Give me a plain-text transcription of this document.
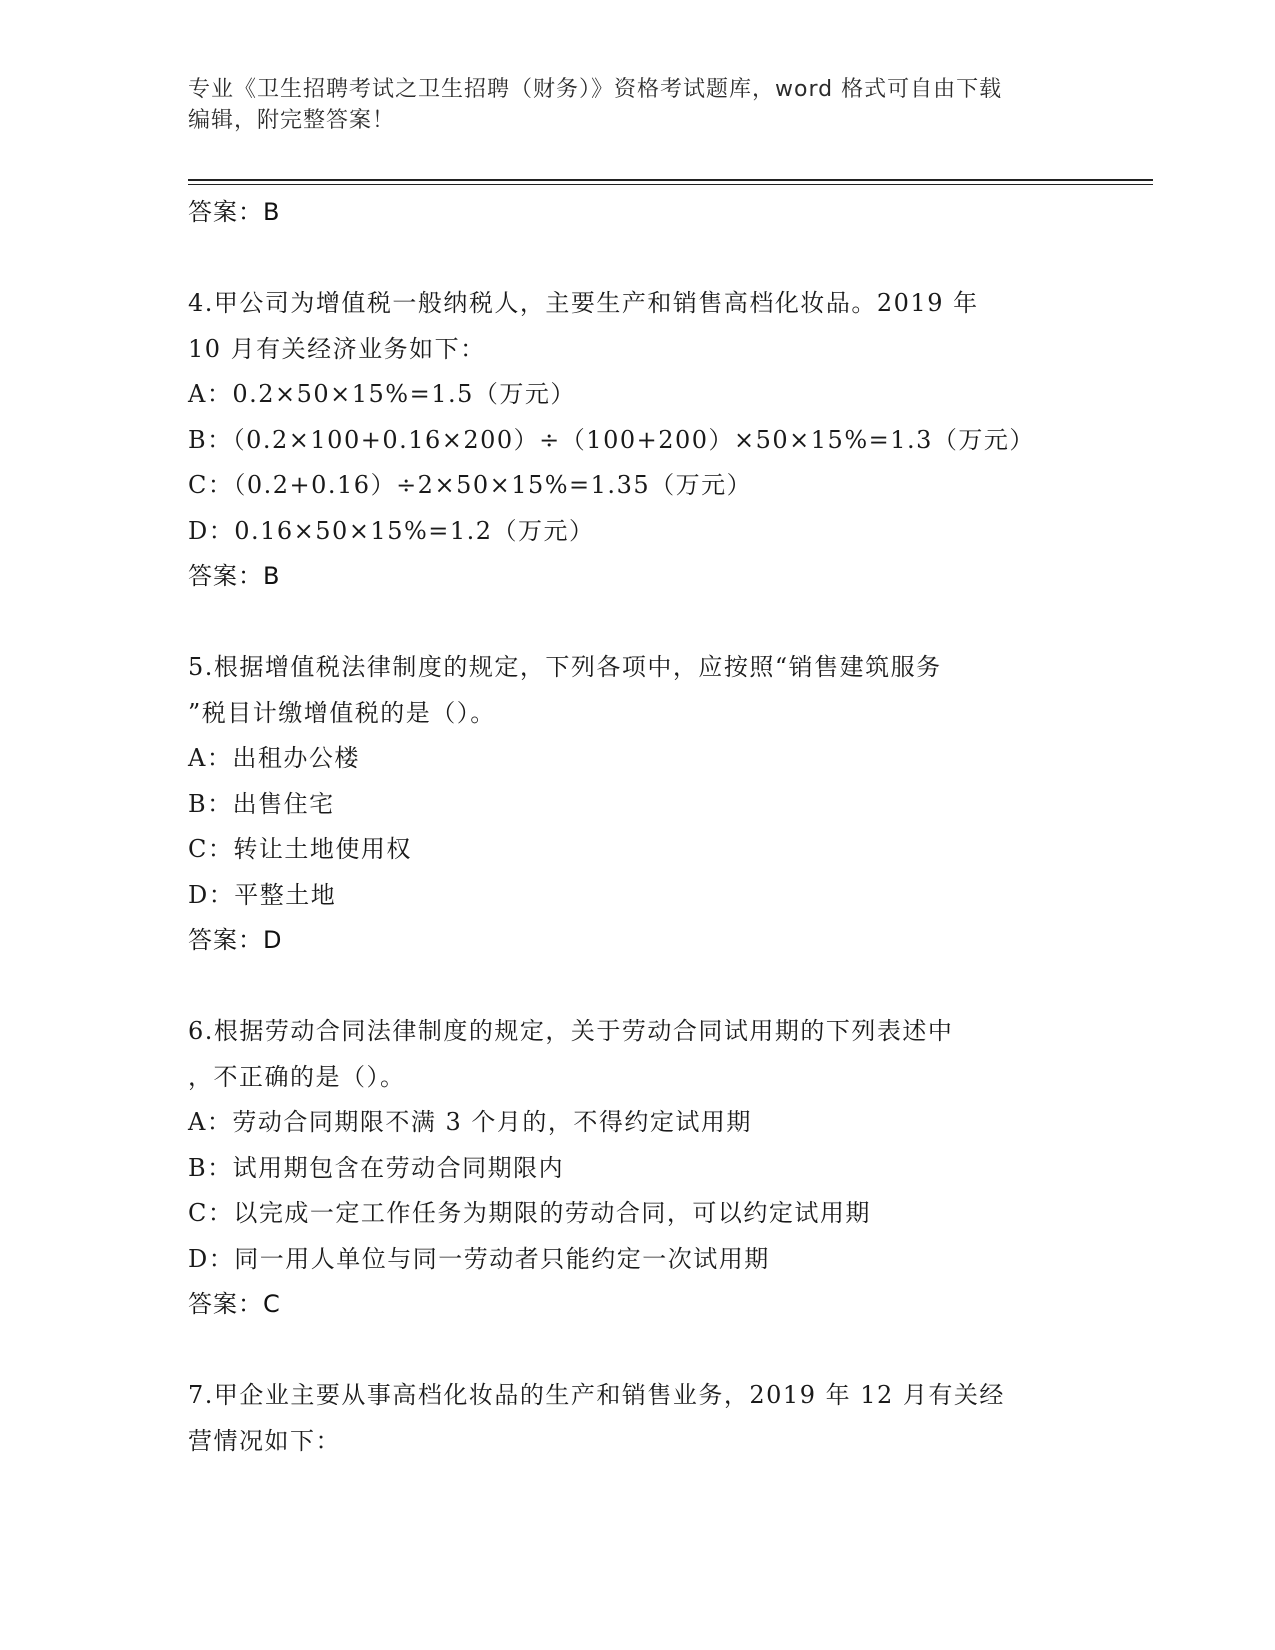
专业《卫生招聘考试之卫生招聘（财务）》资格考试题库，word 格式可自由下载
编辑，附完整答案！
答案：B
4.甲公司为增值税一般纳税人，主要生产和销售高档化妆品。2019 年
10 月有关经济业务如下：
A：0.2×50×15%=1.5（万元）
B：（0.2×100+0.16×200）÷（100+200）×50×15%=1.3（万元）
C：（0.2+0.16）÷2×50×15%=1.35（万元）
D：0.16×50×15%=1.2（万元）
答案：B
5.根据增值税法律制度的规定，下列各项中，应按照“销售建筑服务
”税目计缴增值税的是（）。
A：出租办公楼
B：出售住宅
C：转让土地使用权
D：平整土地
答案：D
6.根据劳动合同法律制度的规定，关于劳动合同试用期的下列表述中
，不正确的是（）。
A：劳动合同期限不满 3 个月的，不得约定试用期
B：试用期包含在劳动合同期限内
C：以完成一定工作任务为期限的劳动合同，可以约定试用期
D：同一用人单位与同一劳动者只能约定一次试用期
答案：C
7.甲企业主要从事高档化妆品的生产和销售业务，2019 年 12 月有关经
营情况如下：
